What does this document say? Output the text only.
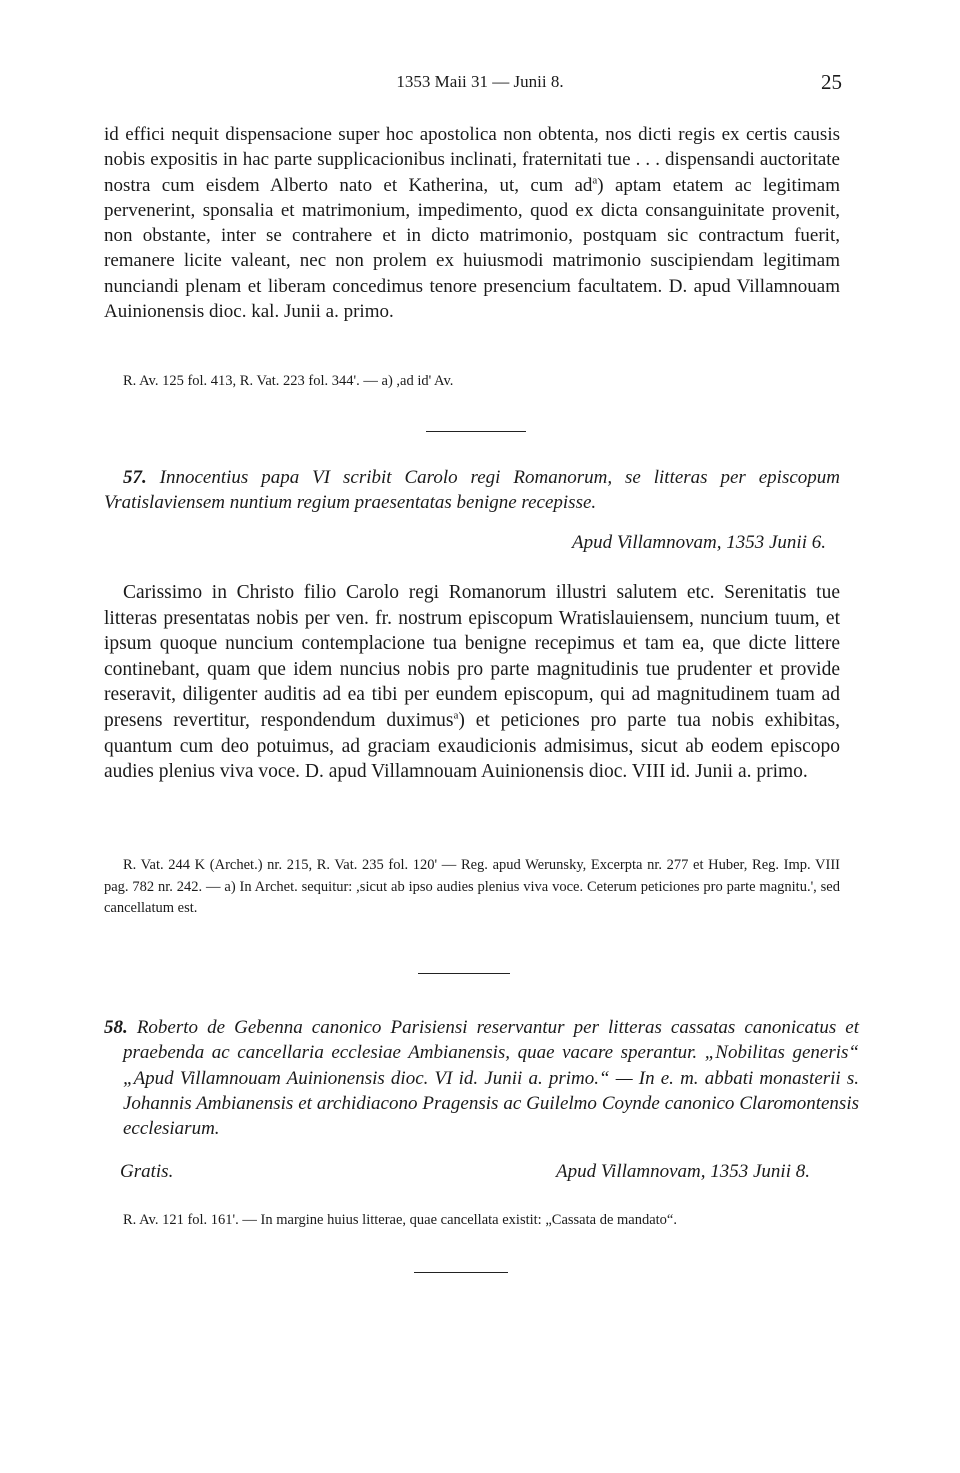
1353 Maii 31 — Junii 8.	25
id effici nequit dispensacione super hoc apostolica non obtenta, nos dicti regis ex certis causis nobis expositis in hac parte supplicacionibus inclinati, fraternitati tue . . . dispensandi auctoritate nostra cum eisdem Alberto nato et Katherina, ut, cum $ad^a$) aptam etatem ac legitimam pervenerint, sponsalia et matrimonium, impedimento, quod ex dicta consanguinitate provenit, non obstante, inter se contrahere et in dicto matrimonio, postquam sic contractum fuerit, remanere licite valeant, nec non prolem ex huiusmodi matrimonio suscipiendam legitimam nunciandi plenam et liberam concedimus tenore presencium facultatem. D. apud Villamnouam Auinionensis dioc. kal. Junii a. primo.
R. Av. 125 fol. 413, R. Vat. 223 fol. 344'. — a) ,ad id' Av.
57. Innocentius papa VI scribit Carolo regi Romanorum, se litteras per episcopum Vratislaviensem nuntium regium praesentatas benigne recepisse.
Apud Villamnovam, 1353 Junii 6.
Carissimo in Christo filio Carolo regi Romanorum illustri salutem etc. Serenitatis tue litteras presentatas nobis per ven. fr. nostrum episcopum Wratislauiensem, nuncium tuum, et ipsum quoque nuncium contemplacione tua benigne recepimus et tam ea, que dicte littere continebant, quam que idem nuncius nobis pro parte magnitudinis tue prudenter et provide reseravit, diligenter auditis ad ea tibi per eundem episcopum, qui ad magnitudinem tuam ad presens revertitur, respondendum duximus$^a$) et peticiones pro parte tua nobis exhibitas, quantum cum deo potuimus, ad graciam exaudicionis admisimus, sicut ab eodem episcopo audies plenius viva voce. D. apud Villamnouam Auinionensis dioc. VIII id. Junii a. primo.
R. Vat. 244 K (Archet.) nr. 215, R. Vat. 235 fol. 120' — Reg. apud Werunsky, Excerpta nr. 277 et Huber, Reg. Imp. VIII pag. 782 nr. 242. — a) In Archet. sequitur: ,sicut ab ipso audies plenius viva voce. Ceterum peticiones pro parte magnitu.', sed cancellatum est.
58. Roberto de Gebenna canonico Parisiensi reservantur per litteras cassatas canonicatus et praebenda ac cancellaria ecclesiae Ambianensis, quae vacare sperantur. „Nobilitas generis“ „Apud Villamnouam Auinionensis dioc. VI id. Junii a. primo.“ — In e. m. abbati monasterii s. Johannis Ambianensis et archidiacono Pragensis ac Guilelmo Coynde canonico Claromontensis ecclesiarum.
Gratis.	Apud Villamnovam, 1353 Junii 8.
R. Av. 121 fol. 161'. — In margine huius litterae, quae cancellata existit: „Cassata de mandato“.
